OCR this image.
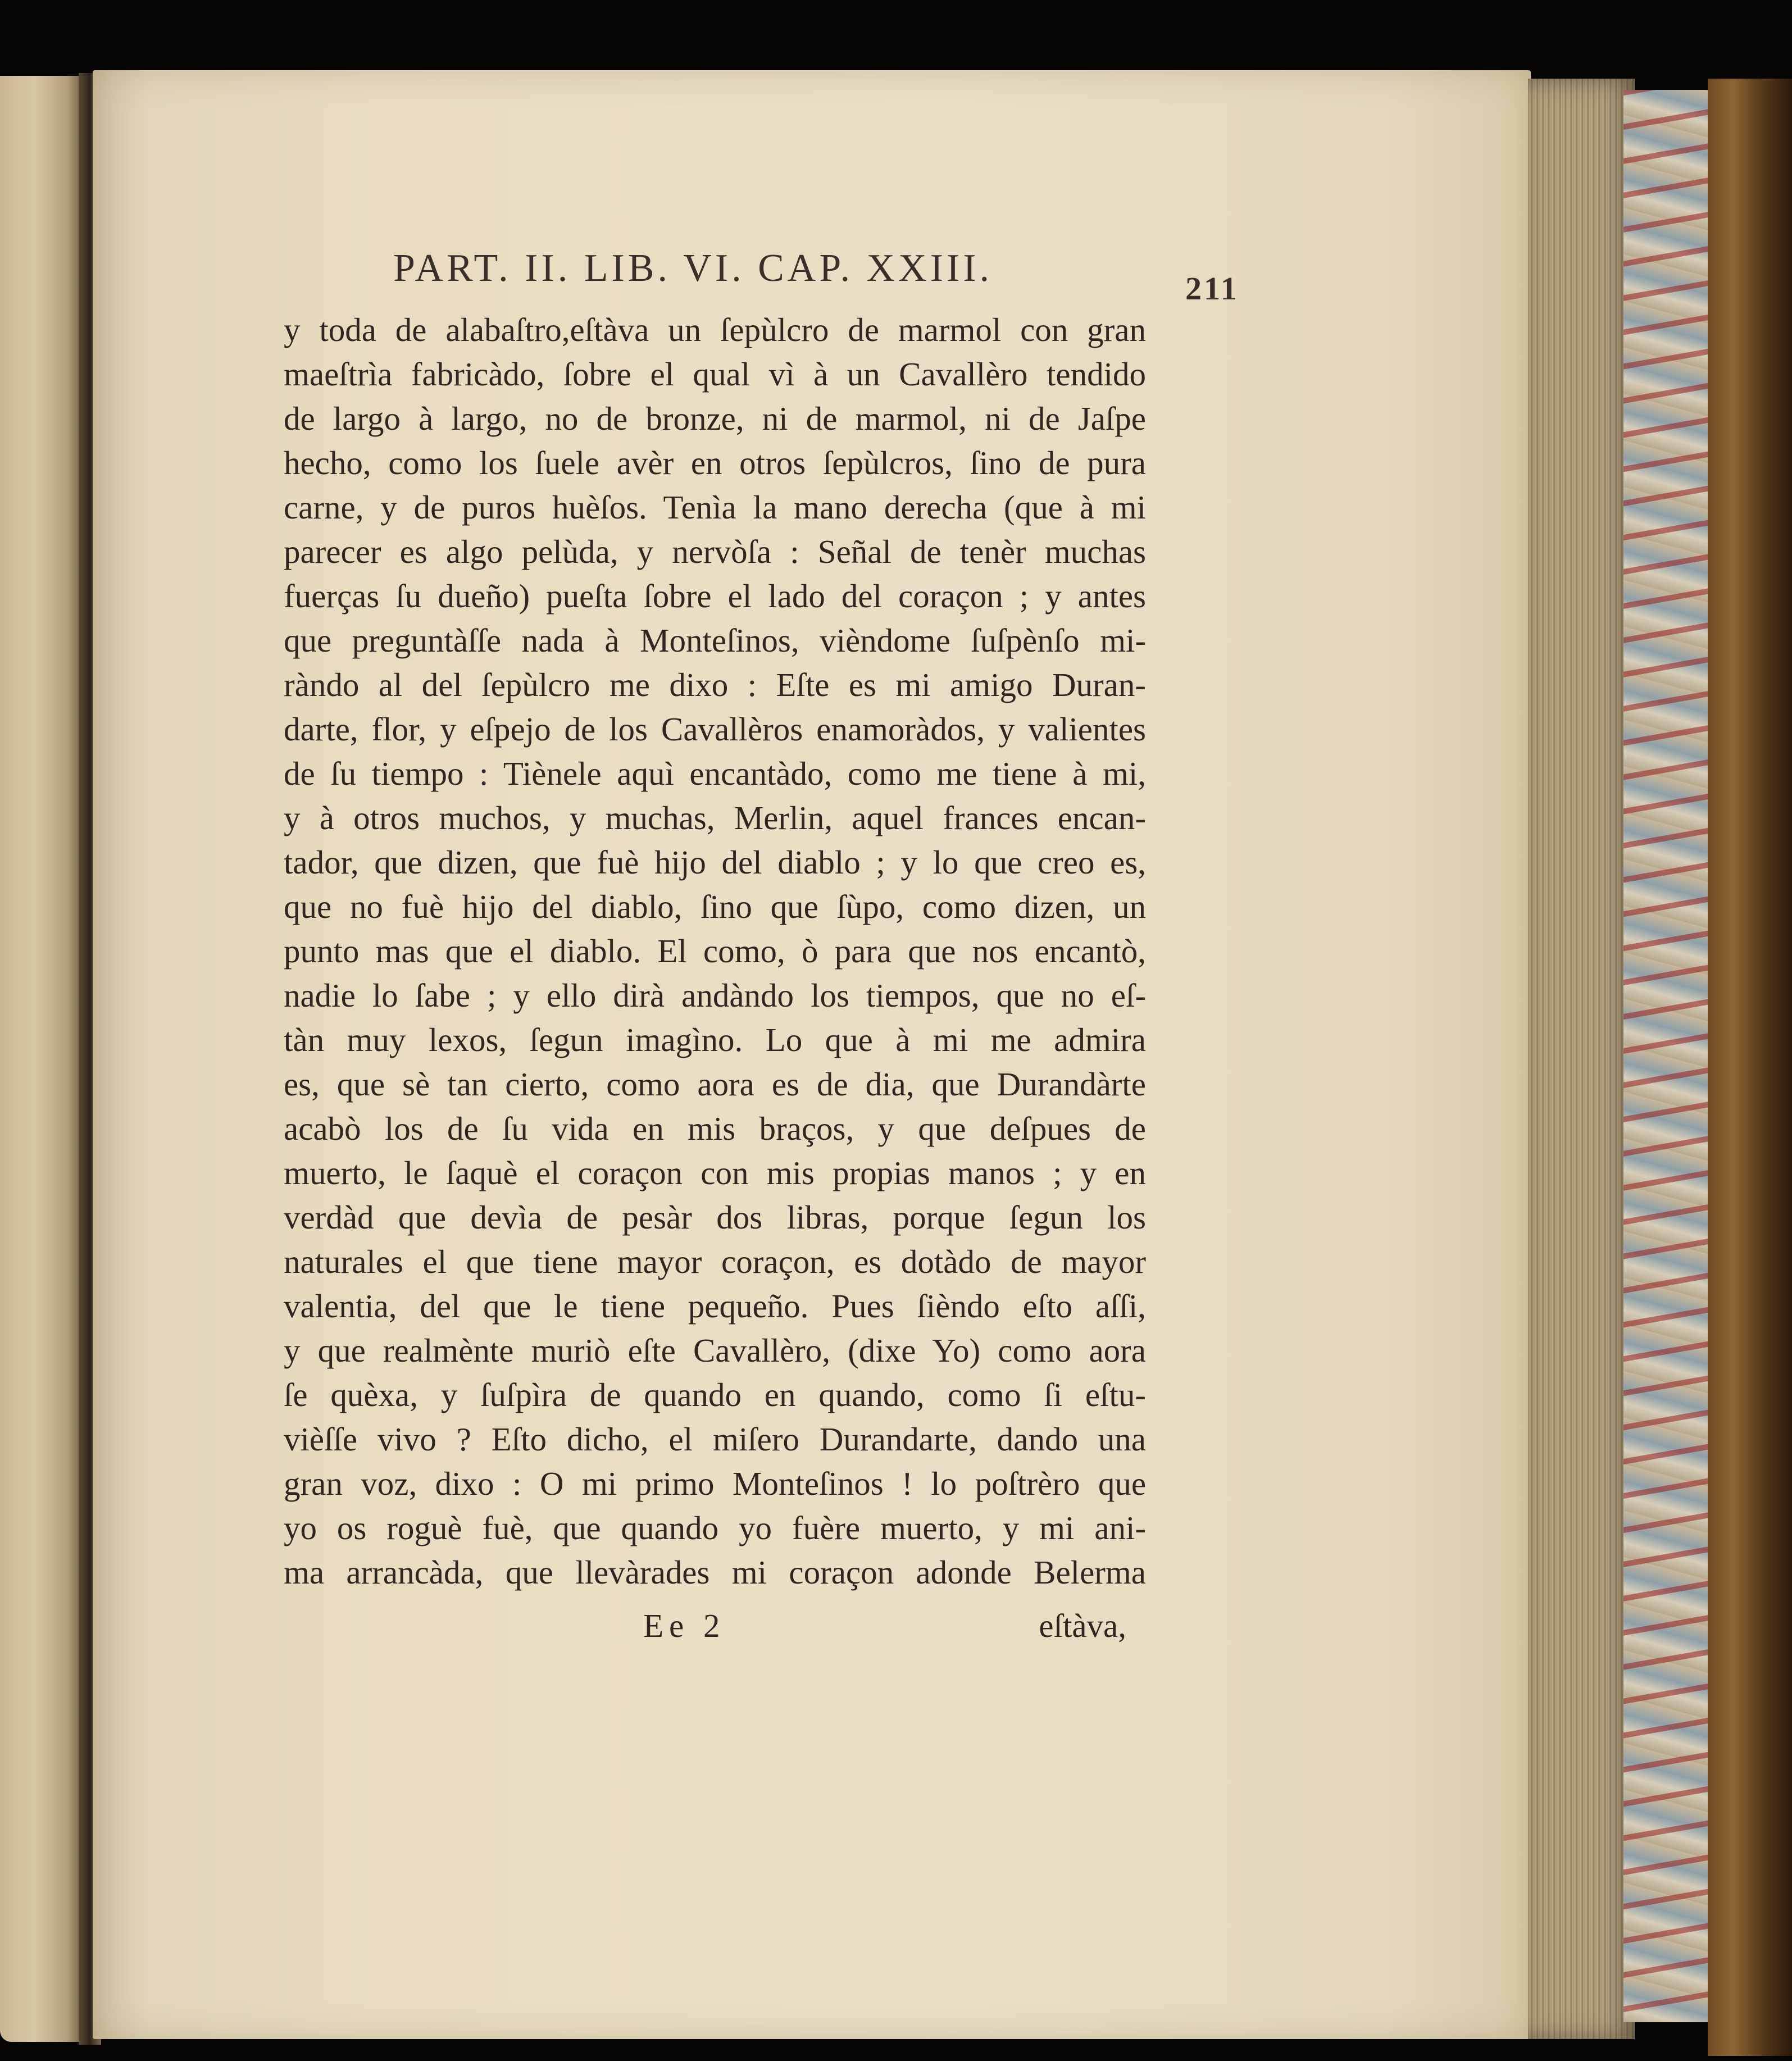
PART. II. LIB. VI. CAP. XXIII.	211
y toda de alabaſtro,eſtàva un ſepùlcro de marmol con gran
maeſtrìa fabricàdo, ſobre el qual vì à un Cavallèro tendido
de largo à largo, no de bronze, ni de marmol, ni de Jaſpe
hecho, como los ſuele avèr en otros ſepùlcros, ſino de pura
carne, y de puros huèſos. Tenìa la mano derecha (que à mi
parecer es algo pelùda, y nervòſa : Señal de tenèr muchas
fuerças ſu dueño) pueſta ſobre el lado del coraçon ; y antes
que preguntàſſe nada à Monteſinos, vièndome ſuſpènſo mi-
ràndo al del ſepùlcro me dixo : Eſte es mi amigo Duran-
darte, flor, y eſpejo de los Cavallèros enamoràdos, y valientes
de ſu tiempo : Tiènele aquì encantàdo, como me tiene à mi,
y à otros muchos, y muchas, Merlin, aquel frances encan-
tador, que dizen, que fuè hijo del diablo ; y lo que creo es,
que no fuè hijo del diablo, ſino que ſùpo, como dizen, un
punto mas que el diablo. El como, ò para que nos encantò,
nadie lo ſabe ; y ello dirà andàndo los tiempos, que no eſ-
tàn muy lexos, ſegun imagìno. Lo que à mi me admira
es, que sè tan cierto, como aora es de dia, que Durandàrte
acabò los de ſu vida en mis braços, y que deſpues de
muerto, le ſaquè el coraçon con mis propias manos ; y en
verdàd que devìa de pesàr dos libras, porque ſegun los
naturales el que tiene mayor coraçon, es dotàdo de mayor
valentia, del que le tiene pequeño. Pues ſièndo eſto aſſi,
y que realmènte muriò eſte Cavallèro, (dixe Yo) como aora
ſe quèxa, y ſuſpìra de quando en quando, como ſi eſtu-
vièſſe vivo ? Eſto dicho, el miſero Durandarte, dando una
gran voz, dixo : O mi primo Monteſinos ! lo poſtrèro que
yo os roguè fuè, que quando yo fuère muerto, y mi ani-
ma arrancàda, que llevàrades mi coraçon adonde Belerma
Ee 2	eſtàva,
